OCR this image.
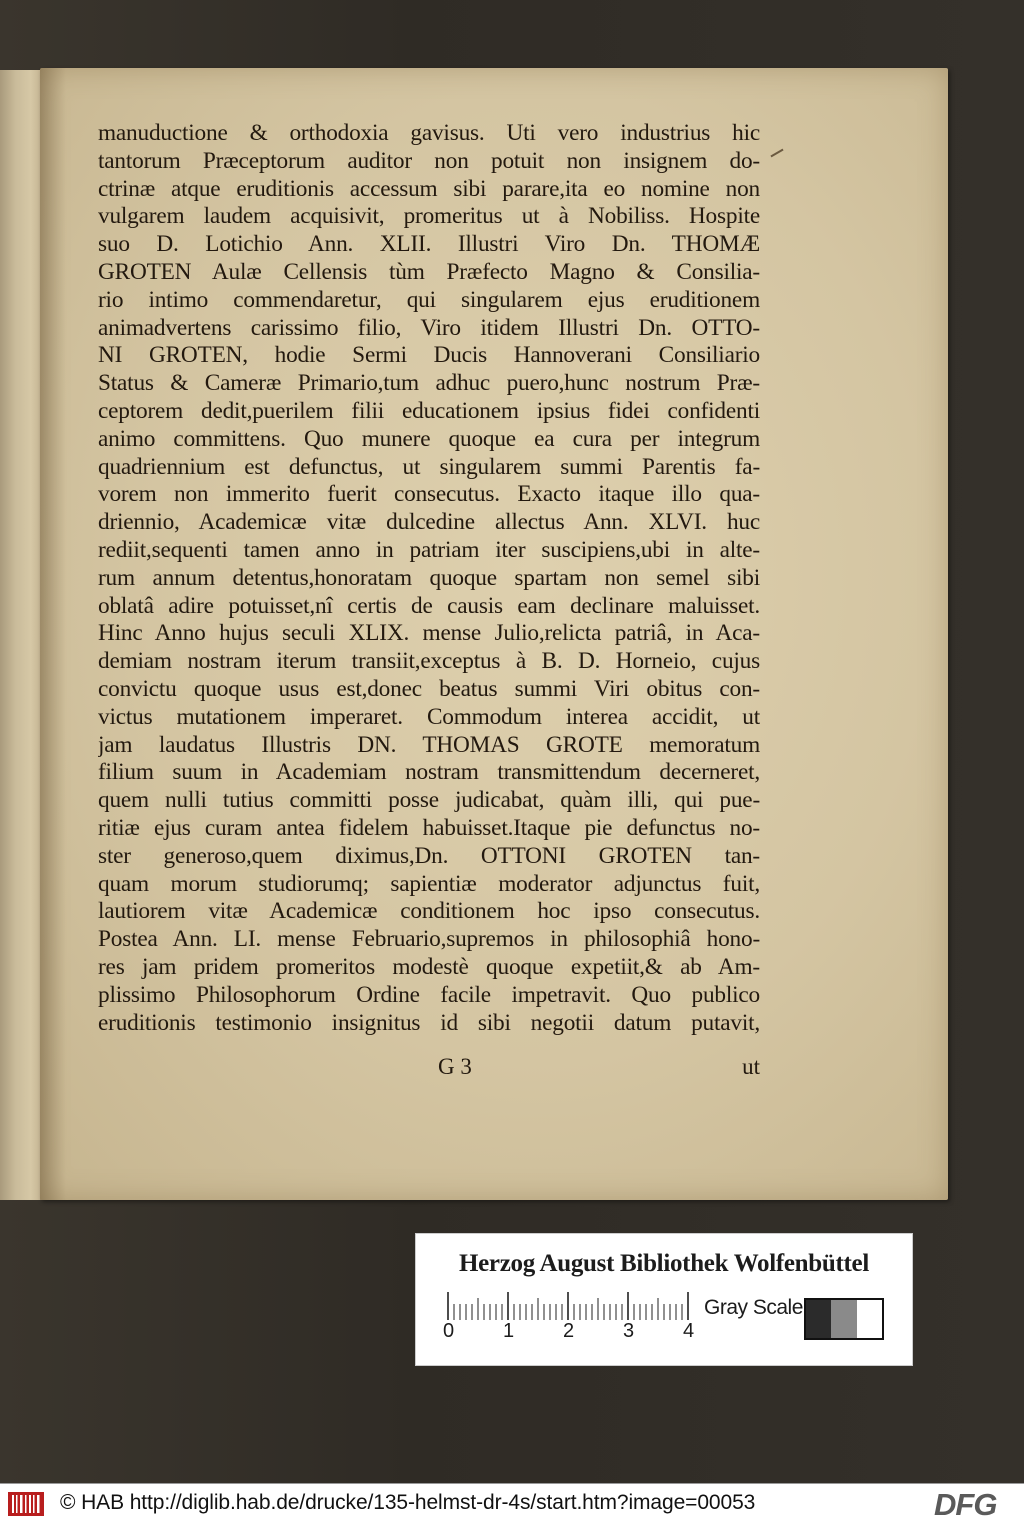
manuductione & orthodoxia gavisus. Uti vero industrius hic
tantorum Præceptorum auditor non potuit non insignem do-
ctrinæ atque eruditionis accessum sibi parare,ita eo nomine non
vulgarem laudem acquisivit, promeritus ut à Nobiliss. Hospite
suo D. Lotichio Ann. XLII. Illustri Viro Dn. THOMÆ
GROTEN Aulæ Cellensis tùm Præfecto Magno & Consilia-
rio intimo commendaretur, qui singularem ejus eruditionem
animadvertens carissimo filio, Viro itidem Illustri Dn. OTTO-
NI GROTEN, hodie Sermi Ducis Hannoverani Consiliario
Status & Cameræ Primario,tum adhuc puero,hunc nostrum Præ-
ceptorem dedit,puerilem filii educationem ipsius fidei confidenti
animo committens. Quo munere quoque ea cura per integrum
quadriennium est defunctus, ut singularem summi Parentis fa-
vorem non immerito fuerit consecutus. Exacto itaque illo qua-
driennio, Academicæ vitæ dulcedine allectus Ann. XLVI. huc
rediit,sequenti tamen anno in patriam iter suscipiens,ubi in alte-
rum annum detentus,honoratam quoque spartam non semel sibi
oblatâ adire potuisset,nî certis de causis eam declinare maluisset.
Hinc Anno hujus seculi XLIX. mense Julio,relicta patriâ, in Aca-
demiam nostram iterum transiit,exceptus à B. D. Horneio, cujus
convictu quoque usus est,donec beatus summi Viri obitus con-
victus mutationem imperaret. Commodum interea accidit, ut
jam laudatus Illustris DN. THOMAS GROTE memoratum
filium suum in Academiam nostram transmittendum decerneret,
quem nulli tutius committi posse judicabat, quàm illi, qui pue-
ritiæ ejus curam antea fidelem habuisset.Itaque pie defunctus no-
ster generoso,quem diximus,Dn. OTTONI GROTEN tan-
quam morum studiorumq; sapientiæ moderator adjunctus fuit,
lautiorem vitæ Academicæ conditionem hoc ipso consecutus.
Postea Ann. LI. mense Februario,supremos in philosophiâ hono-
res jam pridem promeritos modestè quoque expetiit,& ab Am-
plissimo Philosophorum Ordine facile impetravit. Quo publico
eruditionis testimonio insignitus id sibi negotii datum putavit,
G 3	ut
Herzog August Bibliothek Wolfenbüttel
0 1 2 3 4
Gray Scale
© HAB http://diglib.hab.de/drucke/135-helmst-dr-4s/start.htm?image=00053	DFG
